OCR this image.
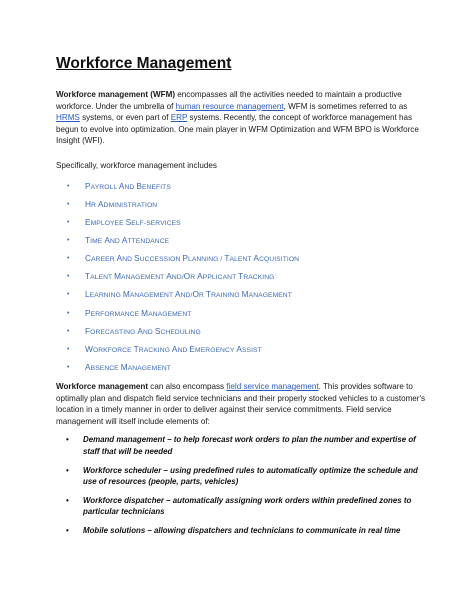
Workforce Management

Workforce management (WFM) encompasses all the activities needed to maintain a productive workforce. Under the umbrella of human resource management, WFM is sometimes referred to as HRMS systems, or even part of ERP systems. Recently, the concept of workforce management has begun to evolve into optimization. One main player in WFM Optimization and WFM BPO is Workforce Insight (WFI).

Specifically, workforce management includes

• PAYROLL AND BENEFITS
• HR ADMINISTRATION
• EMPLOYEE SELF-SERVICES
• TIME AND ATTENDANCE
• CAREER AND SUCCESSION PLANNING / TALENT ACQUISITION
• TALENT MANAGEMENT AND/OR APPLICANT TRACKING
• LEARNING MANAGEMENT AND/OR TRAINING MANAGEMENT
• PERFORMANCE MANAGEMENT
• FORECASTING AND SCHEDULING
• WORKFORCE TRACKING AND EMERGENCY ASSIST
• ABSENCE MANAGEMENT

Workforce management can also encompass field service management. This provides software to optimally plan and dispatch field service technicians and their properly stocked vehicles to a customer's location in a timely manner in order to deliver against their service commitments. Field service management will itself include elements of:

• Demand management – to help forecast work orders to plan the number and expertise of staff that will be needed
• Workforce scheduler – using predefined rules to automatically optimize the schedule and use of resources (people, parts, vehicles)
• Workforce dispatcher – automatically assigning work orders within predefined zones to particular technicians
• Mobile solutions – allowing dispatchers and technicians to communicate in real time
